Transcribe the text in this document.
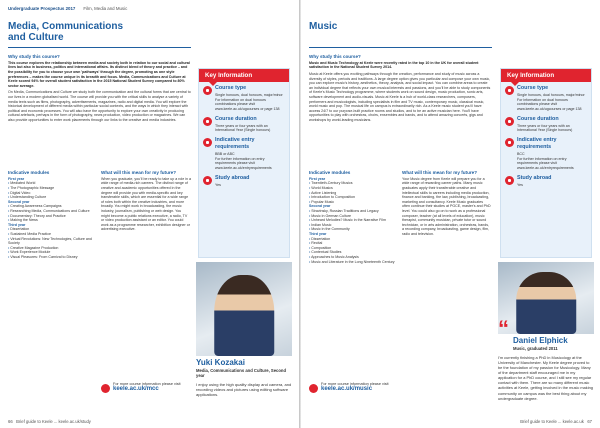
Undergraduate Prospectus 2017 Film, Media and Music
Media, Communications
and Culture
Why study this course?

This course explores the relationship between media and society both in relation to our social and cultural lives but also in business, politics and international affairs. Its distinct blend of theory and practice – and the possibility for you to choose your own 'pathways' through the degree, promoting as one style preferences – makes the course unique in its breadth and focus. Media, Communications and Culture at Keele scored 94% for overall student satisfaction in the 2015 National Student Survey compared to 80% sector average.

On Media, Communications and Culture we study both the communication and the cultural forms that are central to our lives in a modern globalised world. The course will provide you with the critical skills to analyse a variety of media texts such as films, photography, advertisements, magazines, radio and digital media. You will explore the historical development of different media within particular social contexts, and the ways in which they interact with political and economic processes. You will also have the opportunity to explore your own creativity in producing cultural artefacts, perhaps in the form of photography, news production, video production or magazines. We can also provide opportunities to enter work placements through our links to the creative and media industries.

Indicative modules
First year
• Mediated World
• The Photographic Message
• Digital Video
• Understanding Culture
Second year
• Creating Awareness Campaigns
• Researching Media, Communications and Culture
• Documentary: Theory and Practice
• Making the News
Third year
• Dissertation
• Sustained Media Practice
• Virtual Revolutions: New Technologies, Culture and Society
• Creative Magazine Production
• Work Experience Module
• Visual Pleasures: From Carnival to Disney
What will this mean for my future?

When you graduate, you'll be ready to take up a role in a wide range of media-rich careers. The distinct range of creative and academic opportunities offered in the degree will provide you with media-specific and key transferable skills, which are essential for a wide range of roles both within the creative industries, and more broadly. You might work in broadcasting, the music industry, journalism, publishing or web design. You might become a public relations executive, a radio, TV or video production assistant or an editor. You could work as a programme researcher, exhibition designer or advertising executive.

Key Information
Course type

Single honours, dual honours, major/minor

For information on dual honours combinations please visit www.keele.ac.uk/ugcourses or page 138

Course duration

Three years or four years with an International Year (Single honours)

Indicative entry requirements

BBB or ABC

For further information on entry requirements please visit www.keele.ac.uk/entryrequirements

Study abroad

Yes

Yuki Kozakai
Media, Communications and Culture, Second year
I enjoy using the high quality display and camera, and recording videos and pictures using editing software applications.
For more course information please visit
keele.ac.uk/mcc
66 Brief guide to Keele ... keele.ac.uk/study
Music
Why study this course?

Music and Music Technology at Keele were recently rated in the top 10 in the UK for overall student satisfaction in the National Student Survey 2014.

Music at Keele offers you exciting pathways through the creation, performance and study of music across a diversity of styles, periods and traditions. A large degree option gives you particular and compose your own music, you can explore music's history, aesthetics, theory, analysis, and social impact. You can combine areas to create an individual degree that reflects your own musical interests and passions, and you'll be able to study components of Keele's Music Technology programme, where students work on sound design, music production, sonic arts, software development and audio-visuals. Music at Keele is a hub of world-class researchers, composers, performers and musicologists, including specialists in film and TV music, contemporary music, classical music, world music and pop. The musical life on campus is extraordinarily rich. As a Keele music student you'll have access 24/7 to our purpose-built practice rooms and studios, and to be an active musician here. You'll have opportunities to play with orchestras, choirs, ensembles and bands, and to attend amazing concerts, gigs and workshops by world-leading musicians.

Indicative modules
First year
• Twentieth-Century Musics
• World Musics
• Active Listening
• Introduction to Composition
• Popular Music
Second year
• Stravinsky, Russian Traditions and Legacy
• Music in German Culture
• Unheard Melodies? Music in the Narrative Film
• Indian Music
• Music in the Community
Third year
• Dissertation
• Recital
• Composition
• Contextual Studies
• Approaches to Music Analysis
• Music and Literature in the Long Nineteenth Century
What will this mean for my future?

Your Music degree from Keele will prepare you for a wide range of rewarding career paths. Many music graduates apply their transferable creative and intellectual skills to careers including media production, finance and banking, the law, publishing, broadcasting, marketing and consultancy. Keele Music graduates often continue their studies at PGCE, master's and PhD level. You could also go on to work as a professional composer, teacher (at all levels of education), music therapist, community musician, private tutor or sound technician, or in arts administration, orchestras, bands, a recording company, broadcasting, game design, film, radio and television.

Key Information
Course type

Single honours, dual honours, major/minor

For information on dual honours combinations please visit www.keele.ac.uk/ugcourses or page 138

Course duration

Three years or four years with an International Year (Single honours)

Indicative entry requirements

BCC

For further information on entry requirements please visit www.keele.ac.uk/entryrequirements

Study abroad

Yes

“ Daniel Elphick
Music, graduated 2011
I'm currently finishing a PhD in Musicology at the University of Manchester. My Keele degree proved to be the foundation of my passion for Musicology. Many of the department staff encouraged me in my application for a PhD course, and I still see my regular contact with them. There are so many different music activities at Keele, getting involved in the music making community on campus was the best thing about my undergraduate degree.
For more course information please visit
keele.ac.uk/music
Brief guide to Keele ... keele.ac.uk 67
